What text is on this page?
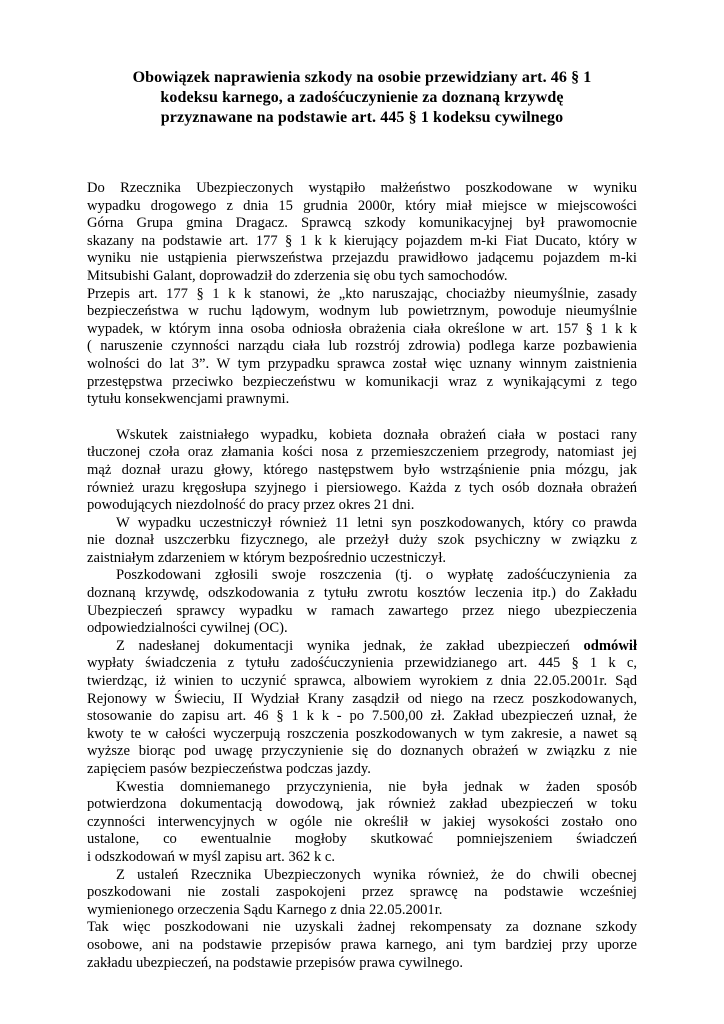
Obowiązek naprawienia szkody na osobie przewidziany art. 46 § 1
kodeksu karnego, a zadośćuczynienie za doznaną krzywdę
przyznawane na podstawie art. 445 § 1 kodeksu cywilnego

Do Rzecznika Ubezpieczonych wystąpiło małżeństwo poszkodowane w wyniku
wypadku drogowego z dnia 15 grudnia 2000r, który miał miejsce w miejscowości
Górna Grupa gmina Dragacz. Sprawcą szkody komunikacyjnej był prawomocnie
skazany na podstawie art. 177 § 1 k k kierujący pojazdem m-ki Fiat Ducato, który w
wyniku nie ustąpienia pierwszeństwa przejazdu prawidłowo jadącemu pojazdem m-ki
Mitsubishi Galant, doprowadził do zderzenia się obu tych samochodów.

Przepis art. 177 § 1 k k stanowi, że „kto naruszając, chociażby nieumyślnie, zasady
bezpieczeństwa w ruchu lądowym, wodnym lub powietrznym, powoduje nieumyślnie
wypadek, w którym inna osoba odniosła obrażenia ciała określone w art. 157 § 1 k k
( naruszenie czynności narządu ciała lub rozstrój zdrowia) podlega karze pozbawienia
wolności do lat 3”. W tym przypadku sprawca został więc uznany winnym zaistnienia
przestępstwa przeciwko bezpieczeństwu w komunikacji wraz z wynikającymi z tego
tytułu konsekwencjami prawnymi.

Wskutek zaistniałego wypadku, kobieta doznała obrażeń ciała w postaci rany
tłuczonej czoła oraz złamania kości nosa z przemieszczeniem przegrody, natomiast jej
mąż doznał urazu głowy, którego następstwem było wstrząśnienie pnia mózgu, jak
również urazu kręgosłupa szyjnego i piersiowego. Każda z tych osób doznała obrażeń
powodujących niezdolność do pracy przez okres 21 dni.

W wypadku uczestniczył również 11 letni syn poszkodowanych, który co prawda
nie doznał uszczerbku fizycznego, ale przeżył duży szok psychiczny w związku z
zaistniałym zdarzeniem w którym bezpośrednio uczestniczył.

Poszkodowani zgłosili swoje roszczenia (tj. o wypłatę zadośćuczynienia za
doznaną krzywdę, odszkodowania z tytułu zwrotu kosztów leczenia itp.) do Zakładu
Ubezpieczeń sprawcy wypadku w ramach zawartego przez niego ubezpieczenia
odpowiedzialności cywilnej (OC).

Z nadesłanej dokumentacji wynika jednak, że zakład ubezpieczeń odmówił
wypłaty świadczenia z tytułu zadośćuczynienia przewidzianego art. 445 § 1 k c,
twierdząc, iż winien to uczynić sprawca, albowiem wyrokiem z dnia 22.05.2001r. Sąd
Rejonowy w Świeciu, II Wydział Krany zasądził od niego na rzecz poszkodowanych,
stosowanie do zapisu art. 46 § 1 k k - po 7.500,00 zł. Zakład ubezpieczeń uznał, że
kwoty te w całości wyczerpują roszczenia poszkodowanych w tym zakresie, a nawet są
wyższe biorąc pod uwagę przyczynienie się do doznanych obrażeń w związku z nie
zapięciem pasów bezpieczeństwa podczas jazdy.

Kwestia domniemanego przyczynienia, nie była jednak w żaden sposób
potwierdzona dokumentacją dowodową, jak również zakład ubezpieczeń w toku
czynności interwencyjnych w ogóle nie określił w jakiej wysokości zostało ono
ustalone, co ewentualnie mogłoby skutkować pomniejszeniem świadczeń
i odszkodowań w myśl zapisu art. 362 k c.

Z ustaleń Rzecznika Ubezpieczonych wynika również, że do chwili obecnej
poszkodowani nie zostali zaspokojeni przez sprawcę na podstawie wcześniej
wymienionego orzeczenia Sądu Karnego z dnia 22.05.2001r.

Tak więc poszkodowani nie uzyskali żadnej rekompensaty za doznane szkody
osobowe, ani na podstawie przepisów prawa karnego, ani tym bardziej przy uporze
zakładu ubezpieczeń, na podstawie przepisów prawa cywilnego.
